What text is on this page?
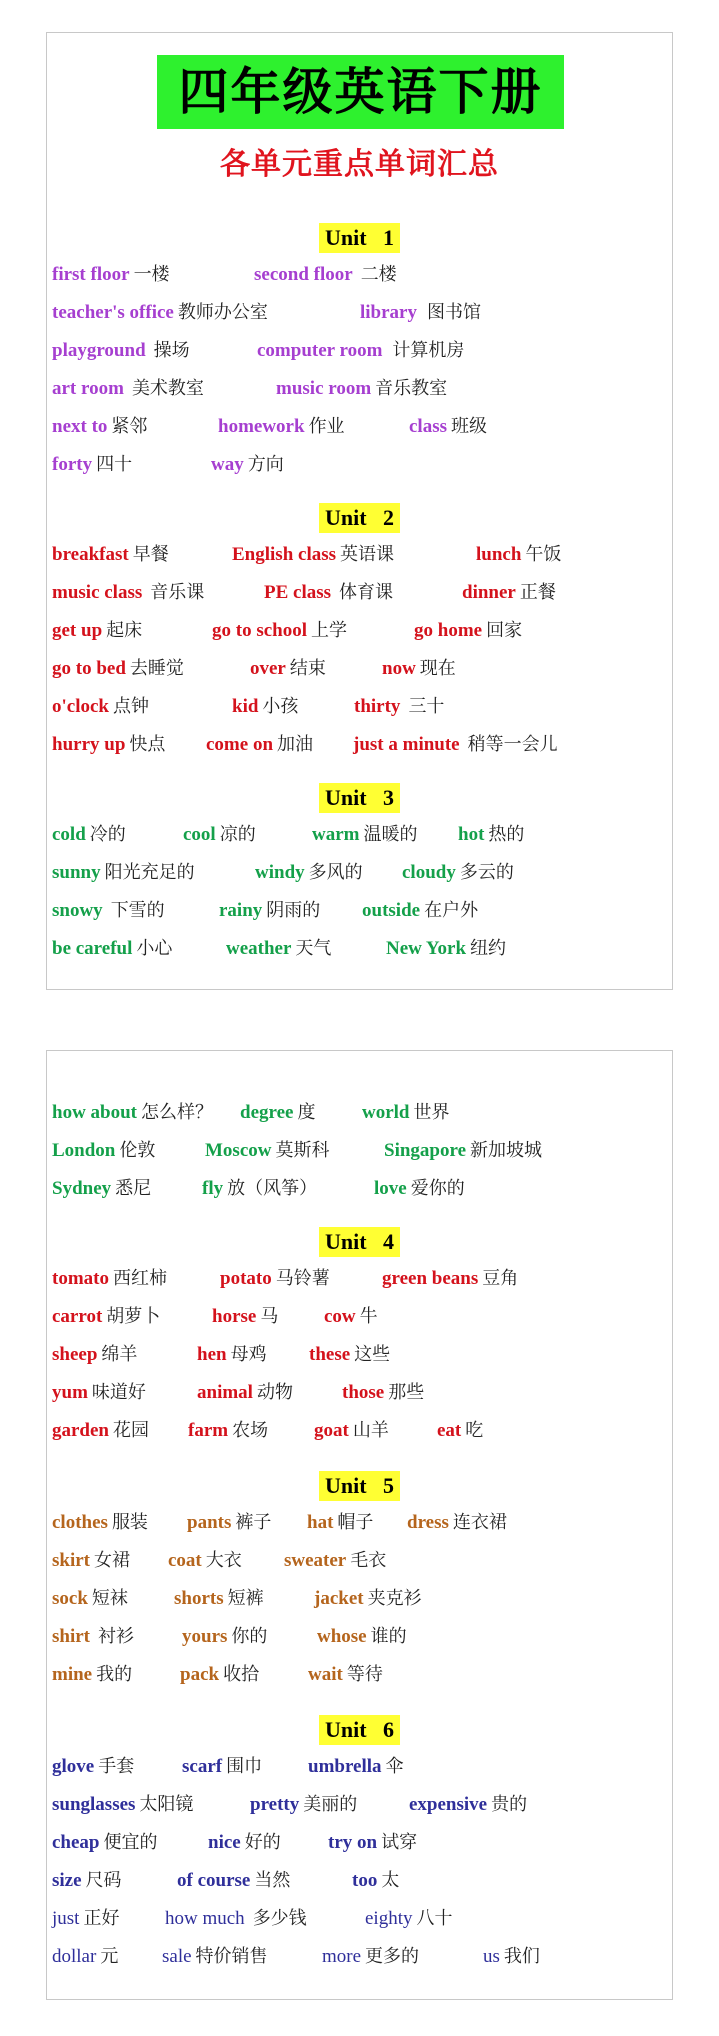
四年级英语下册
各单元重点单词汇总
Unit   1
first floor 一楼	second floor 二楼
teacher's office 教师办公室	library 图书馆
playground 操场	computer room 计算机房
art room 美术教室	music room 音乐教室
next to 紧邻	homework 作业	class 班级
forty 四十	way 方向
Unit   2
breakfast 早餐	English class 英语课	lunch 午饭
music class 音乐课	PE class 体育课	dinner 正餐
get up 起床	go to school 上学	go home 回家
go to bed 去睡觉	over 结束	now 现在
o'clock 点钟	kid 小孩	thirty 三十
hurry up 快点 come on 加油 just a minute 稍等一会儿
Unit   3
cold 冷的	cool 凉的	warm 温暖的 hot 热的
sunny 阳光充足的	windy 多风的 cloudy 多云的
snowy 下雪的	rainy 阴雨的 outside 在户外
be careful 小心	weather 天气	New York 纽约
how about 怎么样？ degree 度 world 世界
London 伦敦	Moscow 莫斯科	Singapore 新加坡城
Sydney 悉尼	fly 放（风筝）	love 爱你的
Unit   4
tomato 西红柿	potato 马铃薯	green beans 豆角
carrot 胡萝卜	horse 马 cow 牛
sheep 绵羊	hen 母鸡 these 这些
yum 味道好	animal 动物	those 那些
garden 花园 farm 农场 goat 山羊	eat 吃
Unit   5
clothes 服装 pants 裤子 hat 帽子 dress 连衣裙
skirt 女裙 coat 大衣 sweater 毛衣
sock 短袜 shorts 短裤	jacket 夹克衫
shirt 衬衫	yours 你的	whose 谁的
mine 我的	pack 收拾	wait 等待
Unit   6
glove 手套	scarf 围巾 umbrella 伞
sunglasses 太阳镜	pretty 美丽的	expensive 贵的
cheap 便宜的	nice 好的 try on 试穿
size 尺码	of course 当然	too 太
just 正好 how much 多少钱	eighty 八十
dollar 元 sale 特价销售	more 更多的	us 我们
